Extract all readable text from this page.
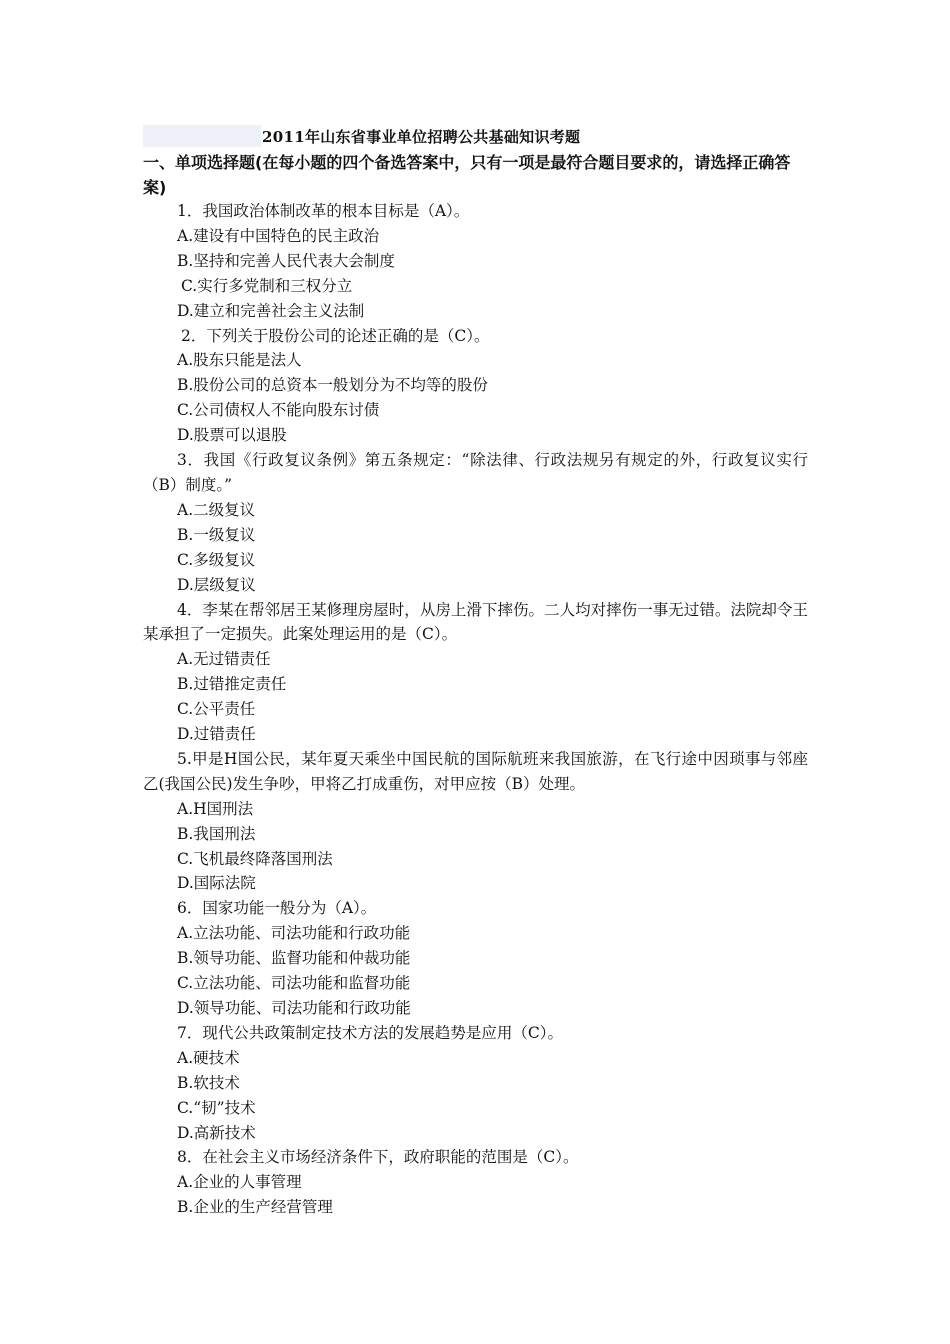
2011年山东省事业单位招聘公共基础知识考题
一、单项选择题(在每小题的四个备选答案中，只有一项是最符合题目要求的，请选择正确答案)

1．我国政治体制改革的根本目标是（A）。

A.建设有中国特色的民主政治

B.坚持和完善人民代表大会制度

C.实行多党制和三权分立

D.建立和完善社会主义法制

2．下列关于股份公司的论述正确的是（C）。

A.股东只能是法人

B.股份公司的总资本一般划分为不均等的股份

C.公司债权人不能向股东讨债

D.股票可以退股

3．我国《行政复议条例》第五条规定：“除法律、行政法规另有规定的外，行政复议实行（B）制度。”

A.二级复议

B.一级复议

C.多级复议

D.层级复议

4．李某在帮邻居王某修理房屋时，从房上滑下摔伤。二人均对摔伤一事无过错。法院却令王某承担了一定损失。此案处理运用的是（C）。

A.无过错责任

B.过错推定责任

C.公平责任

D.过错责任

5.甲是H国公民，某年夏天乘坐中国民航的国际航班来我国旅游，在飞行途中因琐事与邻座乙(我国公民)发生争吵，甲将乙打成重伤，对甲应按（B）处理。

A.H国刑法

B.我国刑法

C.飞机最终降落国刑法

D.国际法院

6．国家功能一般分为（A）。

A.立法功能、司法功能和行政功能

B.领导功能、监督功能和仲裁功能

C.立法功能、司法功能和监督功能

D.领导功能、司法功能和行政功能

7．现代公共政策制定技术方法的发展趋势是应用（C）。

A.硬技术

B.软技术

C.“韧”技术

D.高新技术

8．在社会主义市场经济条件下，政府职能的范围是（C）。

A.企业的人事管理

B.企业的生产经营管理
